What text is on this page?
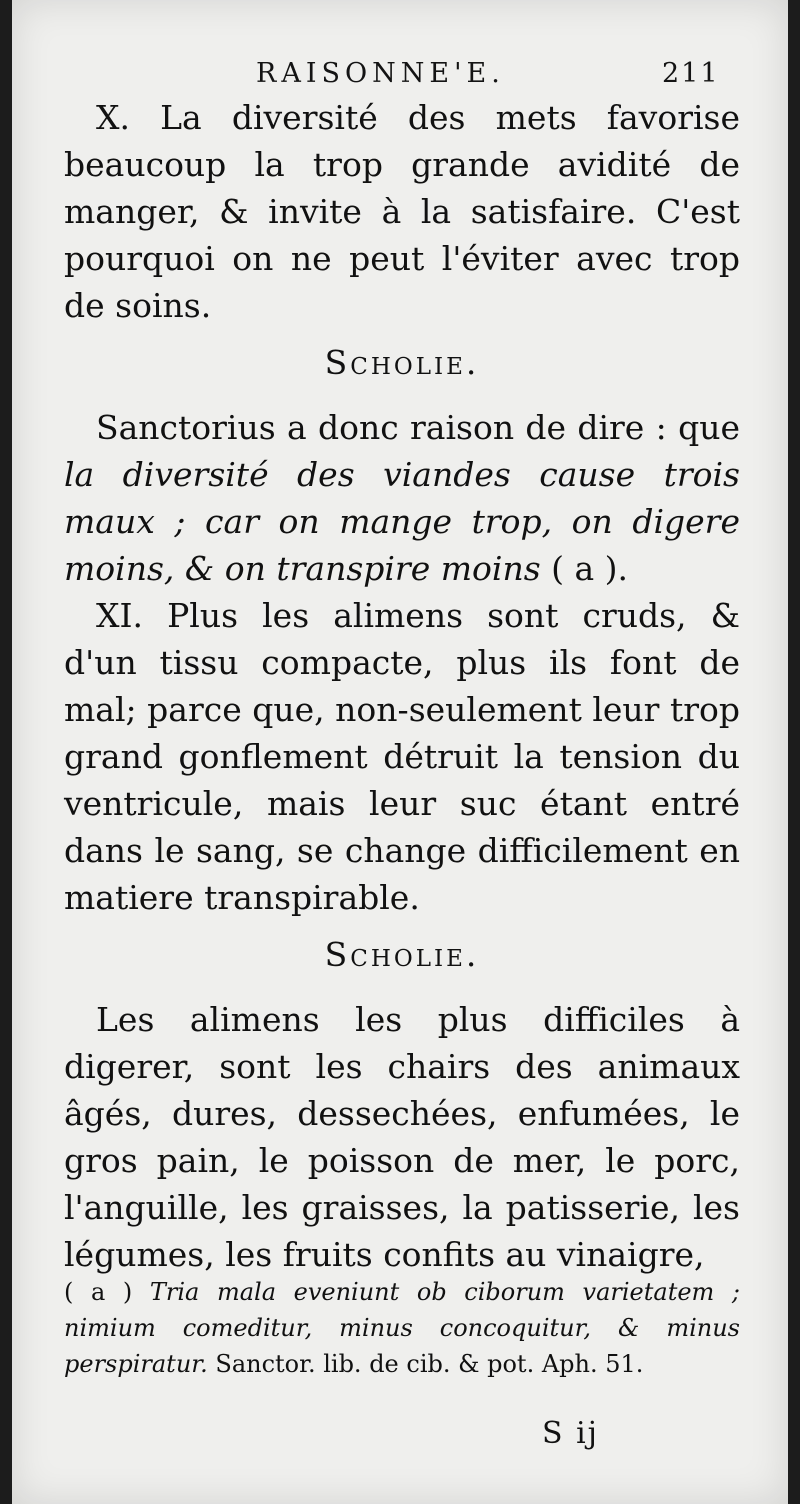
RAISONNE'E.	211

X. La diversité des mets favorise beaucoup la trop grande avidité de manger, & invite à la satisfaire. C'est pourquoi on ne peut l'éviter avec trop de soins.

Scholie.

Sanctorius a donc raison de dire : que la diversité des viandes cause trois maux ; car on mange trop, on digere moins, & on transpire moins ( a ).

XI. Plus les alimens sont cruds, & d'un tissu compacte, plus ils font de mal; parce que, non-seulement leur trop grand gonflement détruit la tension du ventricule, mais leur suc étant entré dans le sang, se change difficilement en matiere transpirable.

Scholie.

Les alimens les plus difficiles à digerer, sont les chairs des animaux âgés, dures, dessechées, enfumées, le gros pain, le poisson de mer, le porc, l'anguille, les graisses, la patisserie, les légumes, les fruits confits au vinaigre,

( a ) Tria mala eveniunt ob ciborum varietatem ; nimium comeditur, minus concoquitur, & minus perspiratur. Sanctor. lib. de cib. & pot. Aph. 51.
S ij
